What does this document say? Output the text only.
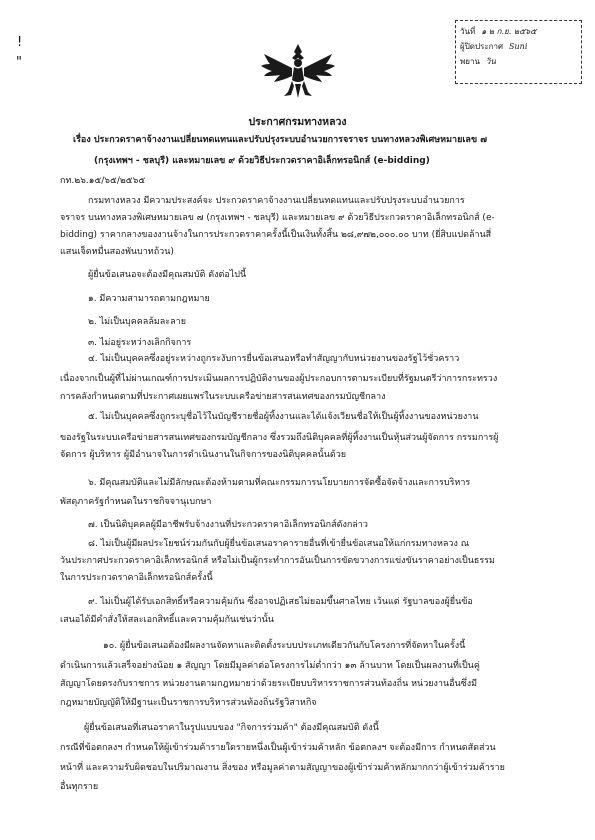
!
"
วันที่ ๑ ๒ ก.ย. ๒๕๖๕
ผู้ปิดประกาศ Suni
พยาน วิน
ประกาศกรมทางหลวง
เรื่อง ประกวดราคาจ้างงานเปลี่ยนทดแทนและปรับปรุงระบบอำนวยการจราจร บนทางหลวงพิเศษหมายเลข ๗
(กรุงเทพฯ - ชลบุรี) และหมายเลข ๙ ด้วยวิธีประกวดราคาอิเล็กทรอนิกส์ (e-bidding)
กท.๒๖.๑๕/๖๕/๒๕๖๕
กรมทางหลวง มีความประสงค์จะ ประกวดราคาจ้างงานเปลี่ยนทดแทนและปรับปรุงระบบอำนวยการ
จราจร บนทางหลวงพิเศษหมายเลข ๗ (กรุงเทพฯ - ชลบุรี) และหมายเลข ๙ ด้วยวิธีประกวดราคาอิเล็กทรอนิกส์ (e-
bidding) ราคากลางของงานจ้างในการประกวดราคาครั้งนี้เป็นเงินทั้งสิ้น ๒๘,๙๗๒,๐๐๐.๐๐ บาท (ยี่สิบแปดล้านสี่
แสนเจ็ดหมื่นสองพันบาทถ้วน)
ผู้ยื่นข้อเสนอจะต้องมีคุณสมบัติ ดังต่อไปนี้
๑. มีความสามารถตามกฎหมาย
๒. ไม่เป็นบุคคลล้มละลาย
๓. ไม่อยู่ระหว่างเลิกกิจการ
๔. ไม่เป็นบุคคลซึ่งอยู่ระหว่างถูกระงับการยื่นข้อเสนอหรือทำสัญญากับหน่วยงานของรัฐไว้ชั่วคราว
เนื่องจากเป็นผู้ที่ไม่ผ่านเกณฑ์การประเมินผลการปฏิบัติงานของผู้ประกอบการตามระเบียบที่รัฐมนตรีว่าการกระทรวง
การคลังกำหนดตามที่ประกาศเผยแพร่ในระบบเครือข่ายสารสนเทศของกรมบัญชีกลาง
๕. ไม่เป็นบุคคลซึ่งถูกระบุชื่อไว้ในบัญชีรายชื่อผู้ทิ้งงานและได้แจ้งเวียนชื่อให้เป็นผู้ทิ้งงานของหน่วยงาน
ของรัฐในระบบเครือข่ายสารสนเทศของกรมบัญชีกลาง ซึ่งรวมถึงนิติบุคคลที่ผู้ทิ้งงานเป็นหุ้นส่วนผู้จัดการ กรรมการผู้
จัดการ ผู้บริหาร ผู้มีอำนาจในการดำเนินงานในกิจการของนิติบุคคลนั้นด้วย
๖. มีคุณสมบัติและไม่มีลักษณะต้องห้ามตามที่คณะกรรมการนโยบายการจัดซื้อจัดจ้างและการบริหาร
พัสดุภาครัฐกำหนดในราชกิจจานุเบกษา
๗. เป็นนิติบุคคลผู้มีอาชีพรับจ้างงานที่ประกวดราคาอิเล็กทรอนิกส์ดังกล่าว
๘. ไม่เป็นผู้มีผลประโยชน์ร่วมกันกับผู้ยื่นข้อเสนอราคารายอื่นที่เข้ายื่นข้อเสนอให้แก่กรมทางหลวง ณ
วันประกาศประกวดราคาอิเล็กทรอนิกส์ หรือไม่เป็นผู้กระทำการอันเป็นการขัดขวางการแข่งขันราคาอย่างเป็นธรรม
ในการประกวดราคาอิเล็กทรอนิกส์ครั้งนี้
๙. ไม่เป็นผู้ได้รับเอกสิทธิ์หรือความคุ้มกัน ซึ่งอาจปฏิเสธไม่ยอมขึ้นศาลไทย เว้นแต่ รัฐบาลของผู้ยื่นข้อ
เสนอได้มีคำสั่งให้สละเอกสิทธิ์และความคุ้มกันเช่นว่านั้น
๑๐. ผู้ยื่นข้อเสนอต้องมีผลงานจัดหาและติดตั้งระบบประเภทเดียวกันกับโครงการที่จัดหาในครั้งนี้
ดำเนินการแล้วเสร็จอย่างน้อย ๑ สัญญา โดยมีมูลค่าต่อโครงการไม่ต่ำกว่า ๑๓ ล้านบาท โดยเป็นผลงานที่เป็นคู่
สัญญาโดยตรงกับราชการ หน่วยงานตามกฎหมายว่าด้วยระเบียบบริหารราชการส่วนท้องถิ่น หน่วยงานอื่นซึ่งมี
กฎหมายบัญญัติให้มีฐานะเป็นราชการบริหารส่วนท้องถิ่นรัฐวิสาหกิจ
ผู้ยื่นข้อเสนอที่เสนอราคาในรูปแบบของ "กิจการร่วมค้า" ต้องมีคุณสมบัติ ดังนี้
กรณีที่ข้อตกลงฯ กำหนดให้ผู้เข้าร่วมค้ารายใดรายหนึ่งเป็นผู้เข้าร่วมค้าหลัก ข้อตกลงฯ จะต้องมีการ กำหนดสัดส่วน
หน้าที่ และความรับผิดชอบในปริมาณงาน สิ่งของ หรือมูลค่าตามสัญญาของผู้เข้าร่วมค้าหลักมากกว่าผู้เข้าร่วมค้าราย
อื่นทุกราย
